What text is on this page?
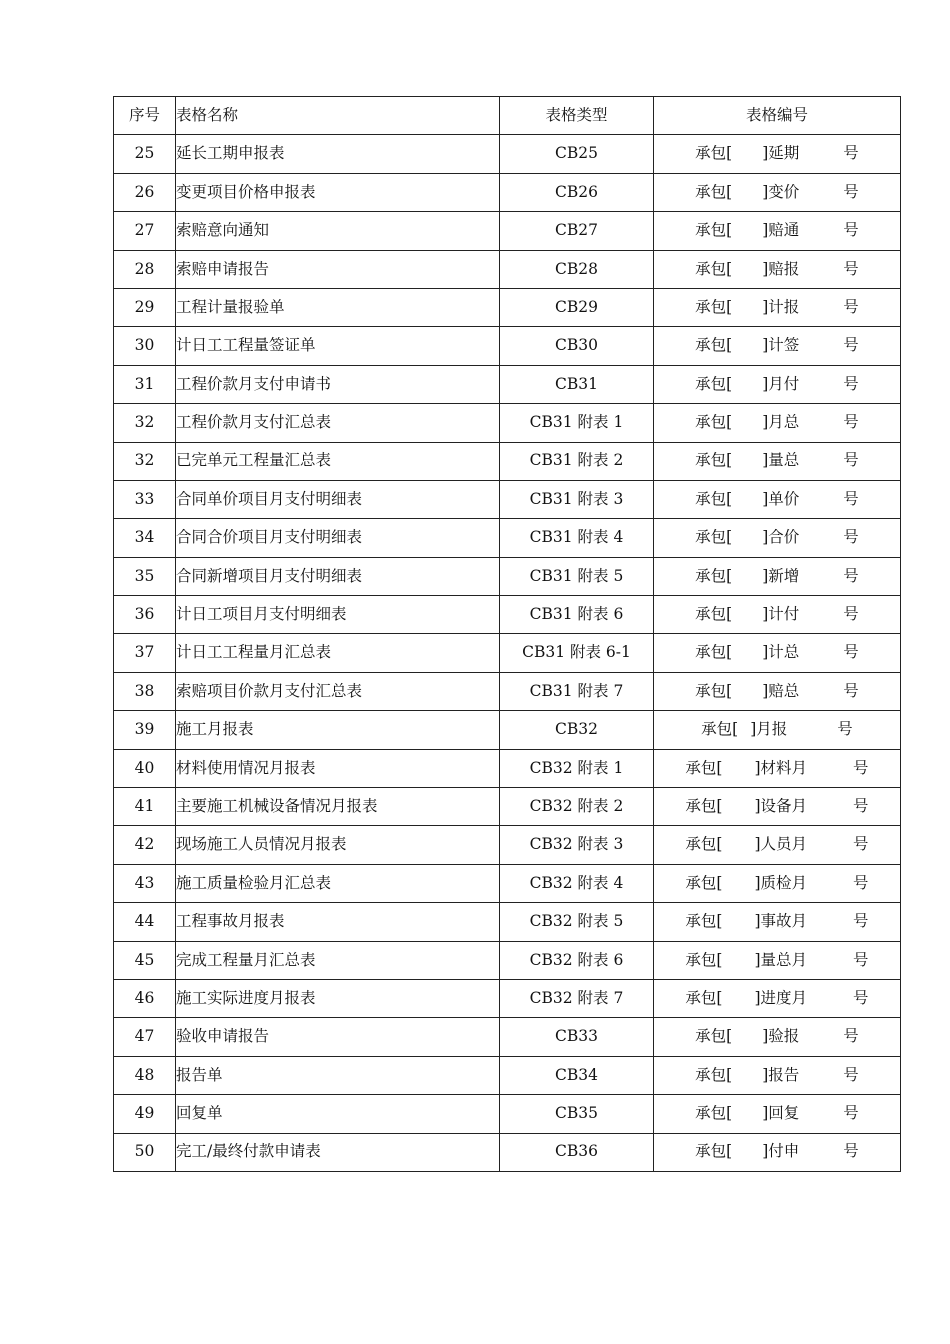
序号	表格名称	表格类型	表格编号
25	延长工期申报表	CB25	承包[ ]延期 号

26	变更项目价格申报表	CB26	承包[ ]变价 号

27	索赔意向通知	CB27	承包[ ]赔通 号

28	索赔申请报告	CB28	承包[ ]赔报 号

29	工程计量报验单	CB29	承包[ ]计报 号

30	计日工工程量签证单	CB30	承包[ ]计签 号

31	工程价款月支付申请书	CB31	承包[ ]月付 号

32	工程价款月支付汇总表	CB31 附表 1	承包[ ]月总 号

32	已完单元工程量汇总表	CB31 附表 2	承包[ ]量总 号

33	合同单价项目月支付明细表	CB31 附表 3	承包[ ]单价 号

34	合同合价项目月支付明细表	CB31 附表 4	承包[ ]合价 号

35	合同新增项目月支付明细表	CB31 附表 5	承包[ ]新增 号

36	计日工项目月支付明细表	CB31 附表 6	承包[ ]计付 号

37	计日工工程量月汇总表	CB31 附表 6-1	承包[ ]计总 号

38	索赔项目价款月支付汇总表	CB31 附表 7	承包[ ]赔总 号

39	施工月报表	CB32	承包[ ]月报 号

40	材料使用情况月报表	CB32 附表 1	承包[ ]材料月 号

41	主要施工机械设备情况月报表	CB32 附表 2	承包[ ]设备月 号

42	现场施工人员情况月报表	CB32 附表 3	承包[ ]人员月 号

43	施工质量检验月汇总表	CB32 附表 4	承包[ ]质检月 号

44	工程事故月报表	CB32 附表 5	承包[ ]事故月 号

45	完成工程量月汇总表	CB32 附表 6	承包[ ]量总月 号

46	施工实际进度月报表	CB32 附表 7	承包[ ]进度月 号

47	验收申请报告	CB33	承包[ ]验报 号

48	报告单	CB34	承包[ ]报告 号

49	回复单	CB35	承包[ ]回复 号

50	完工/最终付款申请表	CB36	承包[ ]付申 号
